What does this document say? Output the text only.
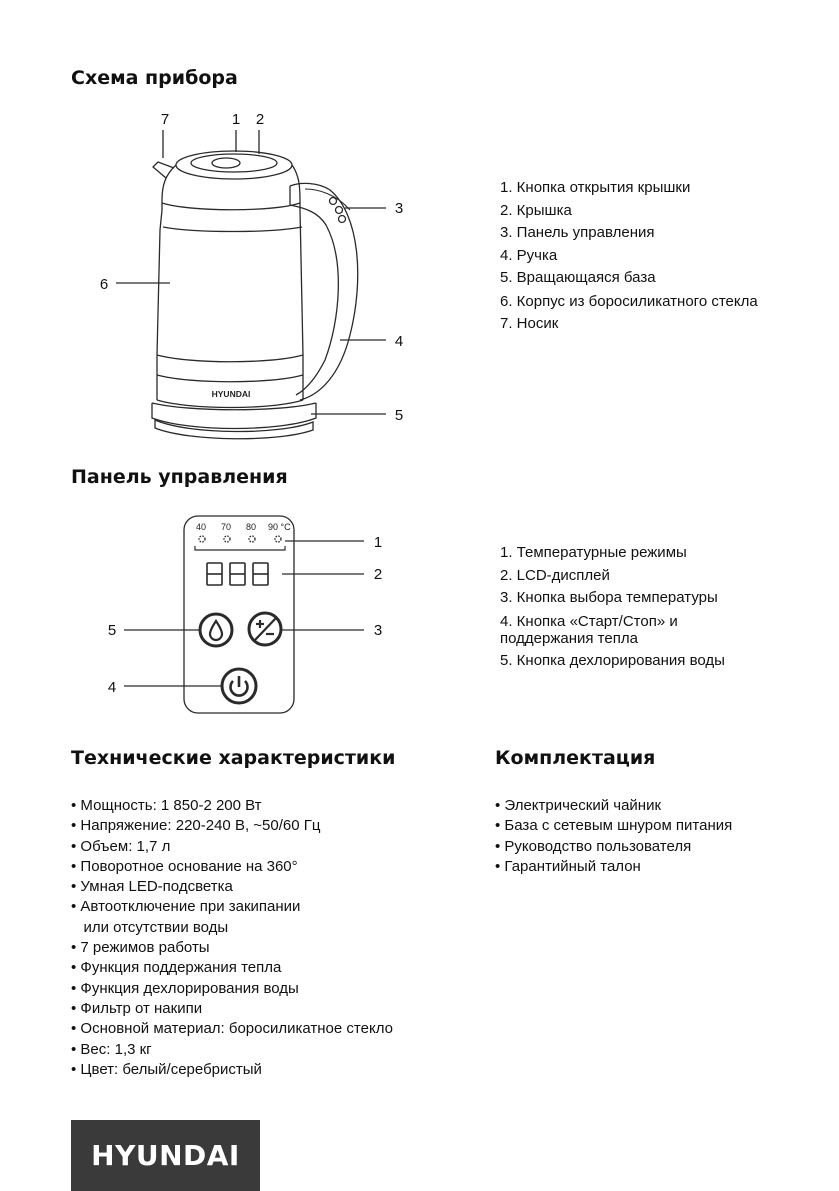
Схема прибора
HYUNDAI
7	1 2
3
6
4
5
1. Кнопка открытия крышки
2. Крышка
3. Панель управления
4. Ручка
5. Вращающаяся база
6. Корпус из боросиликатного стекла
7. Носик
Панель управления
40 70 80 90 °C
1
2
5	3
4
1. Температурные режимы
2. LCD-дисплей
3. Кнопка выбора температуры
4. Кнопка «Старт/Стоп» и поддержания тепла
5. Кнопка дехлорирования воды
Технические характеристики
• Мощность: 1 850-2 200 Вт
• Напряжение: 220-240 В, ~50/60 Гц
• Объем: 1,7 л
• Поворотное основание на 360°
• Умная LED-подсветка
• Автоотключение при закипании
или отсутствии воды
• 7 режимов работы
• Функция поддержания тепла
• Функция дехлорирования воды
• Фильтр от накипи
• Основной материал: боросиликатное стекло
• Вес: 1,3 кг
• Цвет: белый/серебристый
Комплектация
• Электрический чайник
• База с сетевым шнуром питания
• Руководство пользователя
• Гарантийный талон
HYUNDAI
